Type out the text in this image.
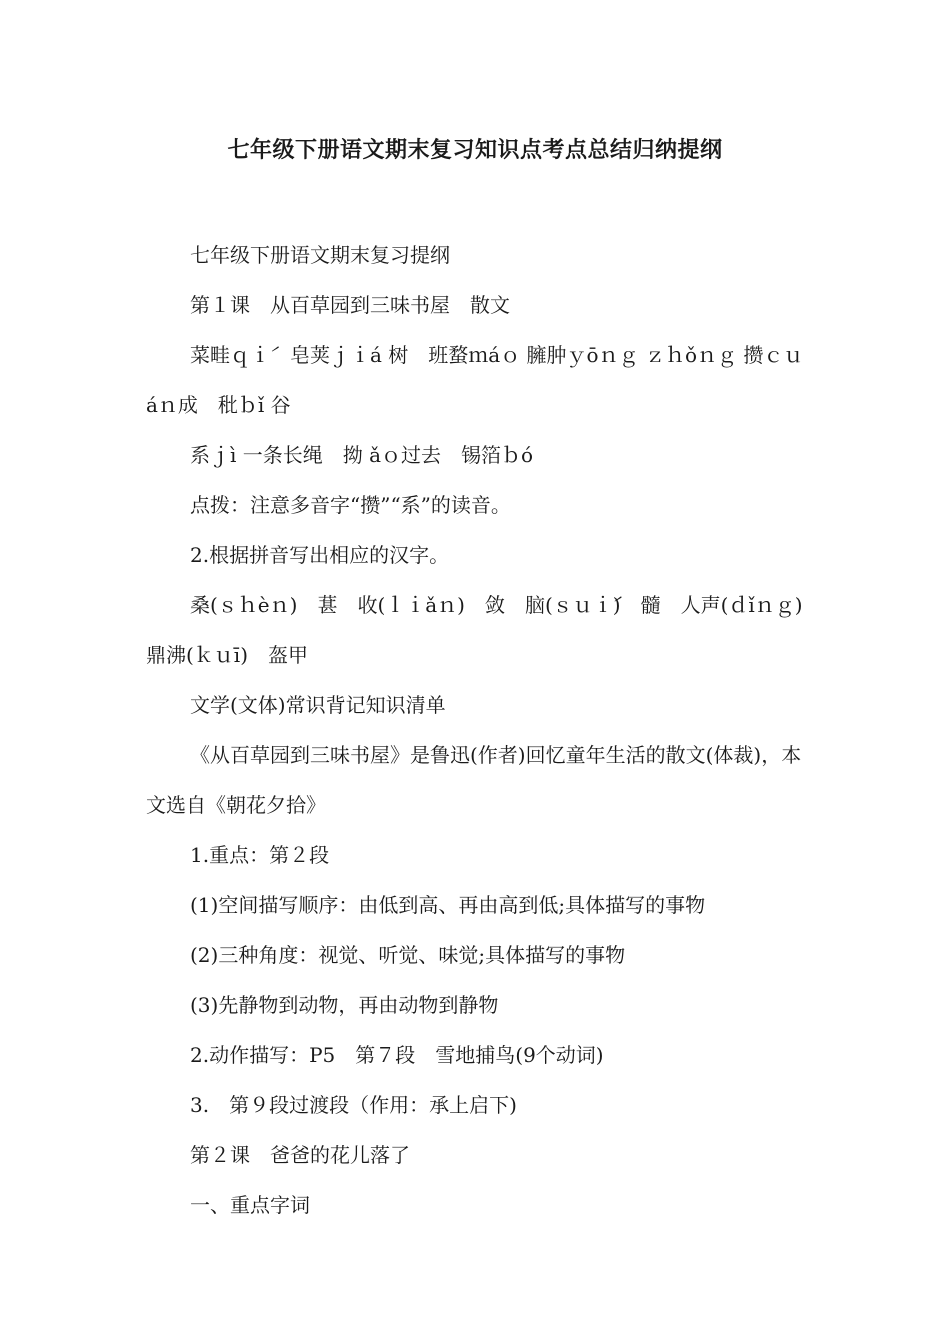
七年级下册语文期末复习知识点考点总结归纳提纲

七年级下册语文期末复习提纲

第１课　从百草园到三味书屋　散文

菜畦ｑｉ́　皂荚ｊｉá 树　班蝥ｍáｏ 臃肿ｙōｎｇ ｚｈǒｎｇ 攒ｃｕáｎ成　秕ｂǐ 谷

系ｊì 一条长绳　拗 ǎｏ过去　锡箔ｂó

点拨：注意多音字“攒”“系”的读音。

2.根据拼音写出相应的汉字。

桑(ｓｈèｎ)　葚　收(ｌｉǎｎ)　敛　脑(ｓｕｉ́)　髓　人声(ｄǐｎｇ)　鼎沸(ｋｕī)　盔甲

文学(文体)常识背记知识清单

《从百草园到三味书屋》是鲁迅(作者)回忆童年生活的散文(体裁)，本文选自《朝花夕拾》

1.重点：第２段

(1)空间描写顺序：由低到高、再由高到低;具体描写的事物

(2)三种角度：视觉、听觉、味觉;具体描写的事物

(3)先静物到动物，再由动物到静物

2.动作描写：P5　第７段　雪地捕鸟(9个动词)

3.　第９段过渡段（作用：承上启下)

第２课　爸爸的花儿落了

一、重点字词
